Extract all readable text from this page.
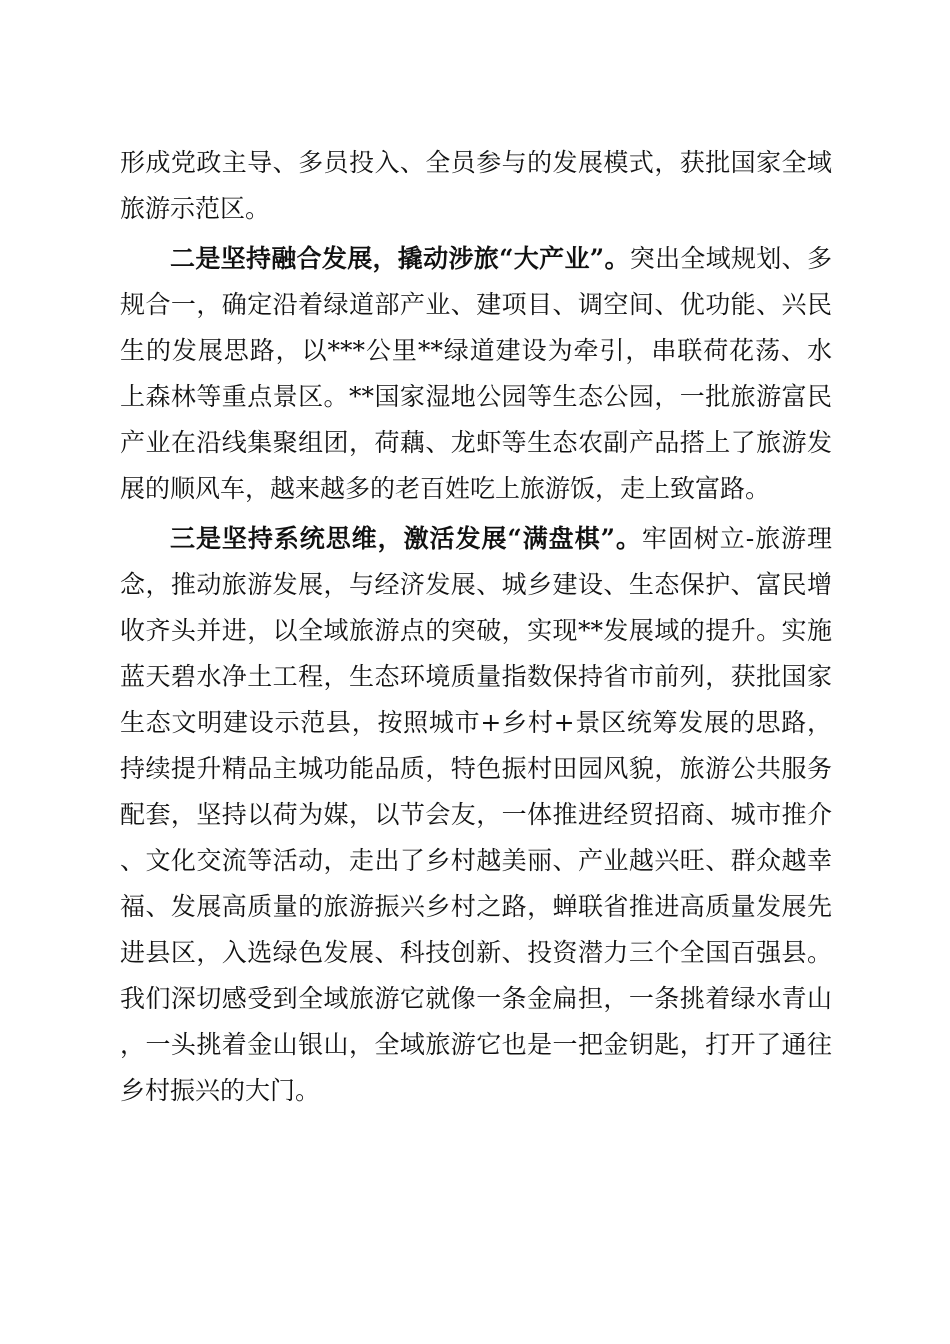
形成党政主导、多员投入、全员参与的发展模式，获批国家全域旅游示范区。

二是坚持融合发展，撬动涉旅“大产业”。突出全域规划、多规合一，确定沿着绿道部产业、建项目、调空间、优功能、兴民生的发展思路，以***公里**绿道建设为牵引，串联荷花荡、水上森林等重点景区。**国家湿地公园等生态公园，一批旅游富民产业在沿线集聚组团，荷藕、龙虾等生态农副产品搭上了旅游发展的顺风车，越来越多的老百姓吃上旅游饭，走上致富路。

三是坚持系统思维，激活发展“满盘棋”。牢固树立-旅游理念，推动旅游发展，与经济发展、城乡建设、生态保护、富民增收齐头并进，以全域旅游点的突破，实现**发展域的提升。实施蓝天碧水净土工程，生态环境质量指数保持省市前列，获批国家生态文明建设示范县，按照城市+乡村+景区统筹发展的思路，持续提升精品主城功能品质，特色振村田园风貌，旅游公共服务配套，坚持以荷为媒，以节会友，一体推进经贸招商、城市推介、文化交流等活动，走出了乡村越美丽、产业越兴旺、群众越幸福、发展高质量的旅游振兴乡村之路，蝉联省推进高质量发展先进县区，入选绿色发展、科技创新、投资潜力三个全国百强县。我们深切感受到全域旅游它就像一条金扁担，一条挑着绿水青山，一头挑着金山银山，全域旅游它也是一把金钥匙，打开了通往乡村振兴的大门。
